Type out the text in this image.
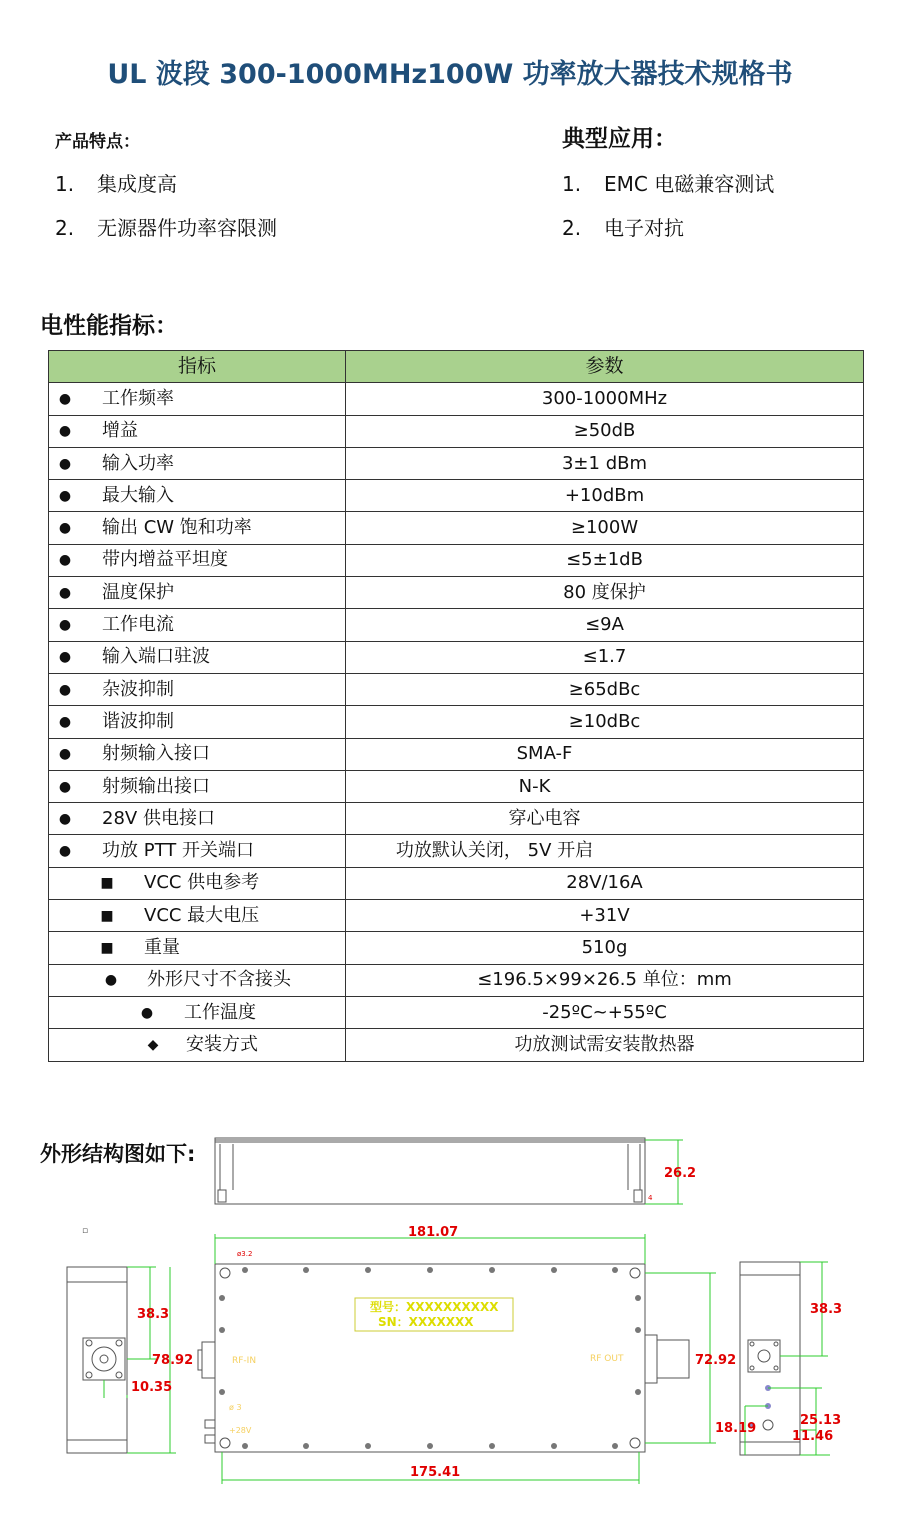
UL 波段 300-1000MHz100W 功率放大器技术规格书
产品特点：
1. 集成度高
2. 无源器件功率容限测
典型应用：
1. EMC 电磁兼容测试
2. 电子对抗
电性能指标：
指标	参数

● 工作频率	300-1000MHz

● 增益	≥50dB

● 输入功率	3±1 dBm

● 最大输入	+10dBm

● 输出 CW 饱和功率	≥100W

● 带内增益平坦度	≤5±1dB

● 温度保护	80 度保护

● 工作电流	≤9A

● 输入端口驻波	≤1.7

● 杂波抑制	≥65dBc

● 谐波抑制	≥10dBc

● 射频输入接口	SMA-F

● 射频输出接口	N-K

● 28V 供电接口	穿心电容

● 功放 PTT 开关端口	功放默认关闭， 5V 开启

■ VCC 供电参考	28V/16A

■ VCC 最大电压	+31V

■ 重量	510g

● 外形尺寸不含接头	≤196.5×99×26.5 单位：mm

● 工作温度	-25ºC~+55ºC

◆ 安装方式	功放测试需安装散热器
外形结构图如下:
26.2
4
▫
38.3
78.92
10.35
型号：XXXXXXXXXX
SN：XXXXXXX
RF-IN	RF OUT
ø3.2
ø 3
+28V
181.07
175.41
72.92
38.3
25.13
18.19
11.46
